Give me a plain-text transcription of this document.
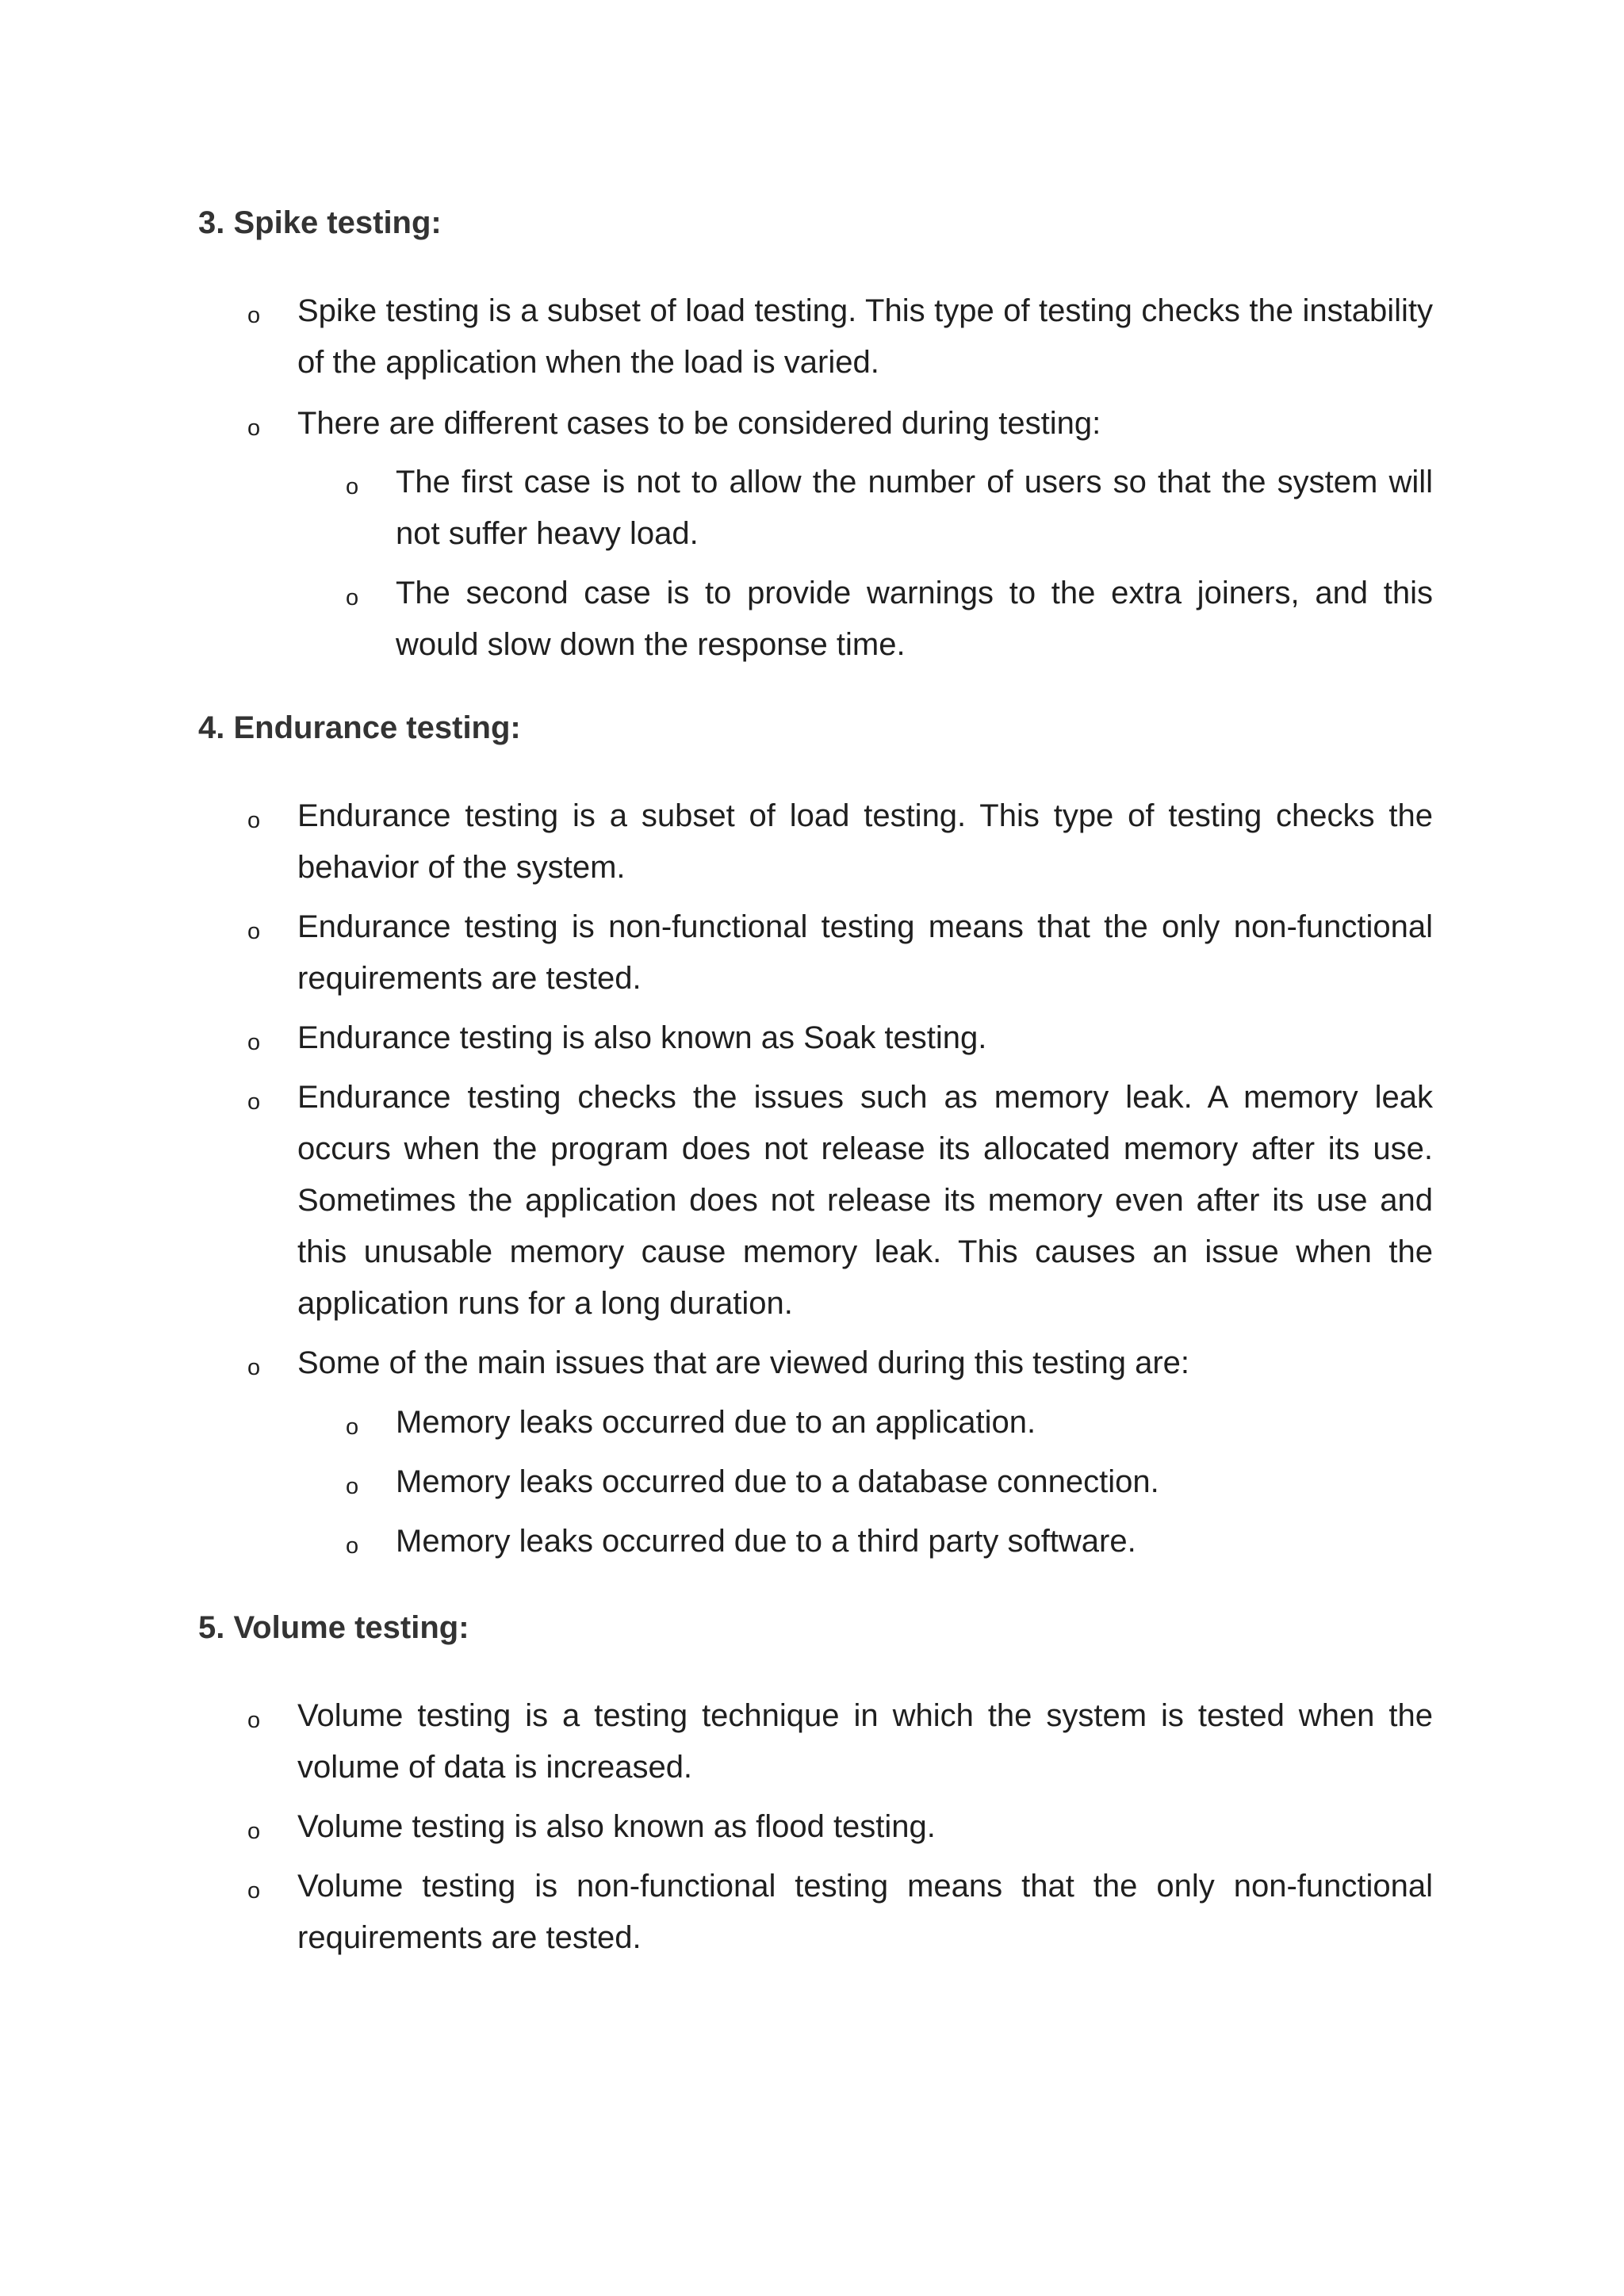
3. Spike testing:
o Spike testing is a subset of load testing. This type of testing checks the instability of the application when the load is varied.

o There are different cases to be considered during testing:

o The first case is not to allow the number of users so that the system will not suffer heavy load.

o The second case is to provide warnings to the extra joiners, and this would slow down the response time.

4. Endurance testing:
o Endurance testing is a subset of load testing. This type of testing checks the behavior of the system.

o Endurance testing is non-functional testing means that the only non-functional requirements are tested.

o Endurance testing is also known as Soak testing.

o Endurance testing checks the issues such as memory leak. A memory leak occurs when the program does not release its allocated memory after its use. Sometimes the application does not release its memory even after its use and this unusable memory cause memory leak. This causes an issue when the application runs for a long duration.

o Some of the main issues that are viewed during this testing are:

o Memory leaks occurred due to an application.

o Memory leaks occurred due to a database connection.

o Memory leaks occurred due to a third party software.

5. Volume testing:
o Volume testing is a testing technique in which the system is tested when the volume of data is increased.

o Volume testing is also known as flood testing.

o Volume testing is non-functional testing means that the only non-functional requirements are tested.
